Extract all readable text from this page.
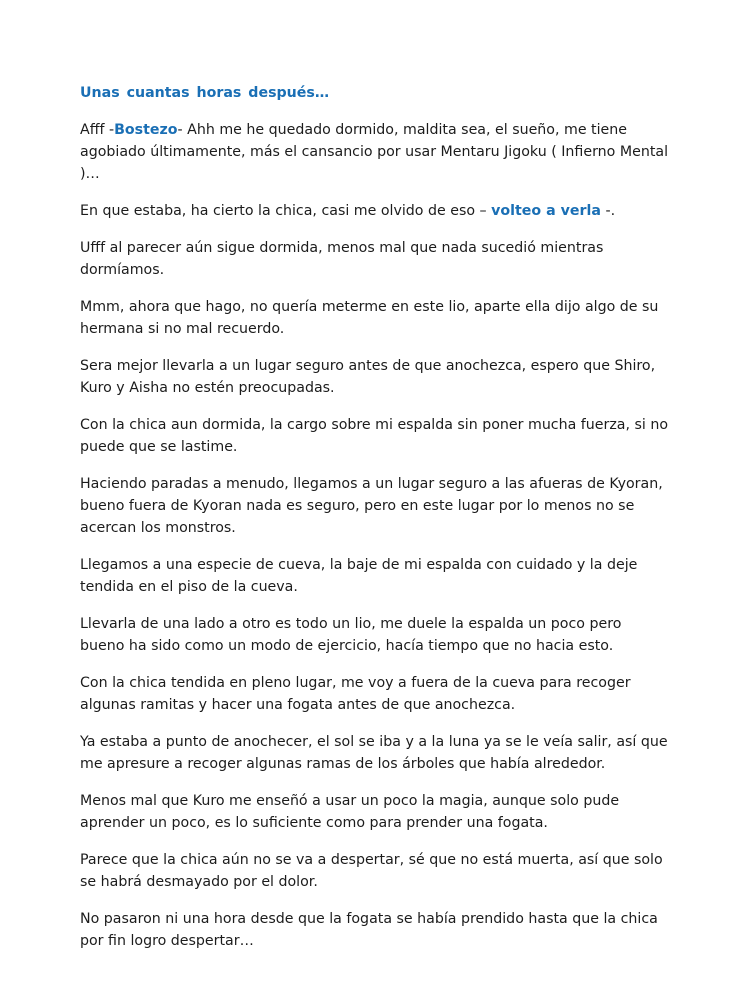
Unas cuantas horas después…

Afff -Bostezo- Ahh me he quedado dormido, maldita sea, el sueño, me tiene agobiado últimamente, más el cansancio por usar Mentaru Jigoku ( Infierno Mental )…

En que estaba, ha cierto la chica, casi me olvido de eso – volteo a verla -.

Ufff al parecer aún sigue dormida, menos mal que nada sucedió mientras dormíamos.

Mmm, ahora que hago, no quería meterme en este lio, aparte ella dijo algo de su hermana si no mal recuerdo.

Sera mejor llevarla a un lugar seguro antes de que anochezca, espero que Shiro, Kuro y Aisha no estén preocupadas.

Con la chica aun dormida, la cargo sobre mi espalda sin poner mucha fuerza, si no puede que se lastime.

Haciendo paradas a menudo, llegamos a un lugar seguro a las afueras de Kyoran, bueno fuera de Kyoran nada es seguro, pero en este lugar por lo menos no se acercan los monstros.

Llegamos a una especie de cueva, la baje de mi espalda con cuidado y la deje tendida en el piso de la cueva.

Llevarla de una lado a otro es todo un lio, me duele la espalda un poco pero bueno ha sido como un modo de ejercicio, hacía tiempo que no hacia esto.

Con la chica tendida en pleno lugar, me voy a fuera de la cueva para recoger algunas ramitas y hacer una fogata antes de que anochezca.

Ya estaba a punto de anochecer, el sol se iba y a la luna ya se le veía salir, así que me apresure a recoger algunas ramas de los árboles que había alrededor.

Menos mal que Kuro me enseñó a usar un poco la magia, aunque solo pude aprender un poco, es lo suficiente como para prender una fogata.

Parece que la chica aún no se va a despertar, sé que no está muerta, así que solo se habrá desmayado por el dolor.

No pasaron ni una hora desde que la fogata se había prendido hasta que la chica por fin logro despertar…
